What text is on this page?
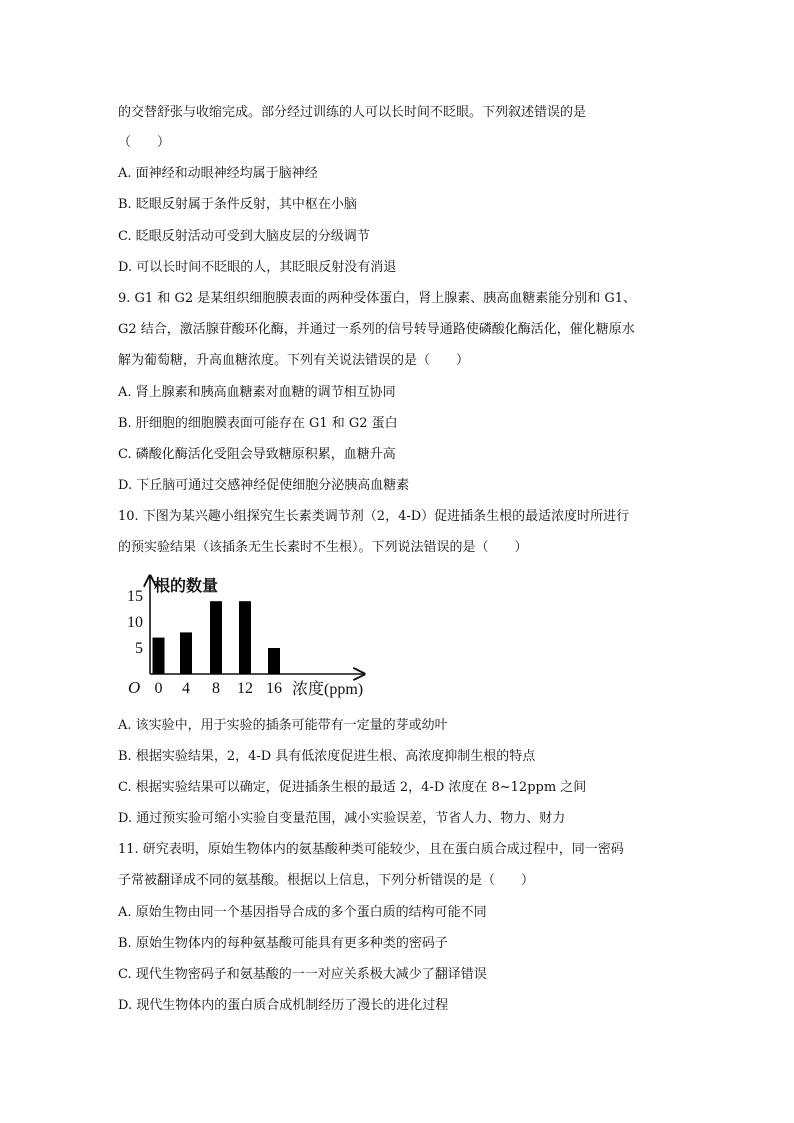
的交替舒张与收缩完成。部分经过训练的人可以长时间不眨眼。下列叙述错误的是
（　　）
A. 面神经和动眼神经均属于脑神经
B. 眨眼反射属于条件反射，其中枢在小脑
C. 眨眼反射活动可受到大脑皮层的分级调节
D. 可以长时间不眨眼的人，其眨眼反射没有消退
9. G1 和 G2 是某组织细胞膜表面的两种受体蛋白，肾上腺素、胰高血糖素能分别和 G1、
G2 结合，激活腺苷酸环化酶，并通过一系列的信号转导通路使磷酸化酶活化，催化糖原水
解为葡萄糖，升高血糖浓度。下列有关说法错误的是（　　）
A. 肾上腺素和胰高血糖素对血糖的调节相互协同
B. 肝细胞的细胞膜表面可能存在 G1 和 G2 蛋白
C. 磷酸化酶活化受阻会导致糖原积累，血糖升高
D. 下丘脑可通过交感神经促使细胞分泌胰高血糖素
10. 下图为某兴趣小组探究生长素类调节剂（2，4-D）促进插条生根的最适浓度时所进行
的预实验结果（该插条无生长素时不生根）。下列说法错误的是（　　）
根的数量
O	浓度(ppm)
5
10
15
0 4 8 12 16
A. 该实验中，用于实验的插条可能带有一定量的芽或幼叶
B. 根据实验结果，2，4-D 具有低浓度促进生根、高浓度抑制生根的特点
C. 根据实验结果可以确定，促进插条生根的最适 2，4-D 浓度在 8~12ppm 之间
D. 通过预实验可缩小实验自变量范围，减小实验误差，节省人力、物力、财力
11. 研究表明，原始生物体内的氨基酸种类可能较少，且在蛋白质合成过程中，同一密码
子常被翻译成不同的氨基酸。根据以上信息，下列分析错误的是（　　）
A. 原始生物由同一个基因指导合成的多个蛋白质的结构可能不同
B. 原始生物体内的每种氨基酸可能具有更多种类的密码子
C. 现代生物密码子和氨基酸的一一对应关系极大减少了翻译错误
D. 现代生物体内的蛋白质合成机制经历了漫长的进化过程
